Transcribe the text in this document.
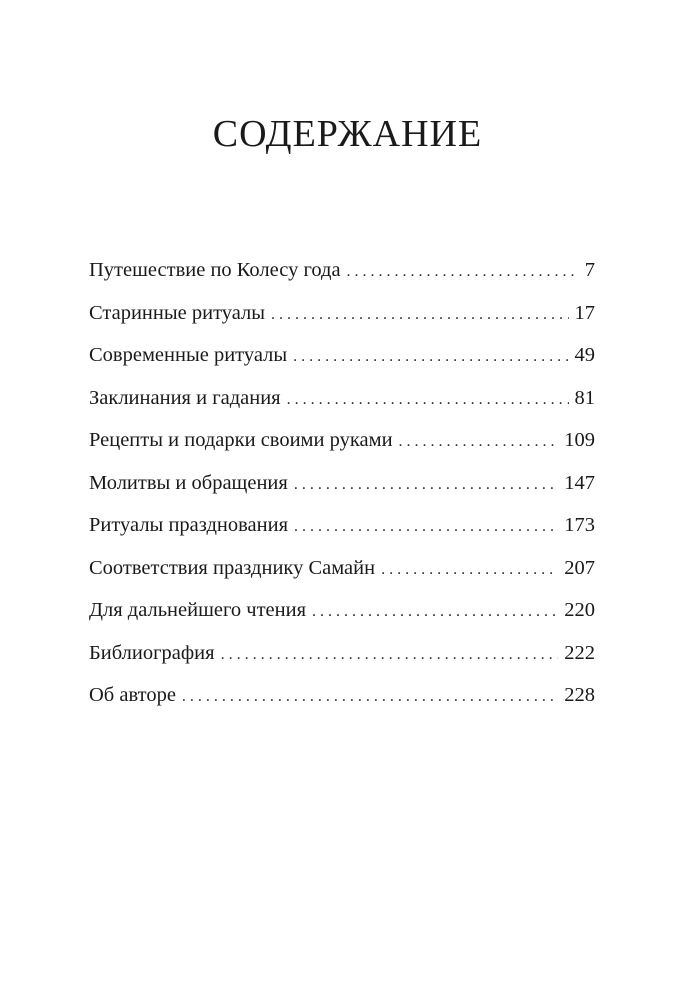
СОДЕРЖАНИЕ
Путешествие по Колесу года . . .	7
Старинные ритуалы . . .	17
Современные ритуалы . . .	49
Заклинания и гадания . . .	81
Рецепты и подарки своими руками . . .	109
Молитвы и обращения . . .	147
Ритуалы празднования . . .	173
Соответствия празднику Самайн . . .	207
Для дальнейшего чтения . . .	220
Библиография . . .	222
Об авторе . . .	228
